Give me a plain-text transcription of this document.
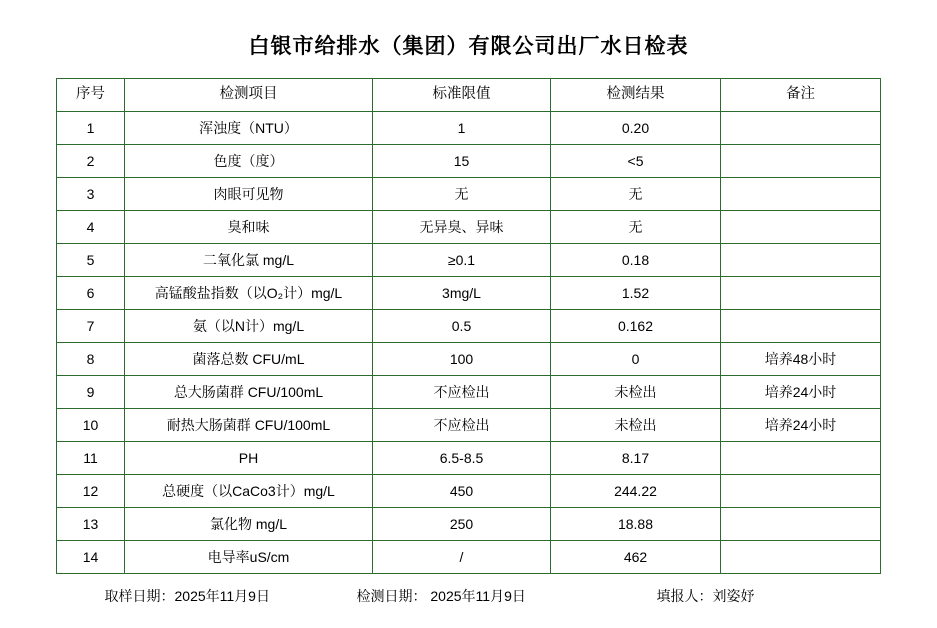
白银市给排水（集团）有限公司出厂水日检表
序号	检测项目	标准限值	检测结果	备注
1	浑浊度（NTU）	1	0.20	
2	色度（度）	15	<5	
3	肉眼可见物	无	无	
4	臭和味	无异臭、异味	无	
5	二氧化氯 mg/L	≥0.1	0.18	
6	高锰酸盐指数（以O₂计）mg/L	3mg/L	1.52	
7	氨（以N计）mg/L	0.5	0.162	
8	菌落总数 CFU/mL	100	0	培养48小时
9	总大肠菌群 CFU/100mL	不应检出	未检出	培养24小时
10	耐热大肠菌群 CFU/100mL	不应检出	未检出	培养24小时
11	PH	6.5-8.5	8.17	
12	总硬度（以CaCo3计）mg/L	450	244.22	
13	氯化物 mg/L	250	18.88	
14	电导率uS/cm	/	462	
取样日期：2025年11月9日	检测日期： 2025年11月9日	填报人：刘姿妤
